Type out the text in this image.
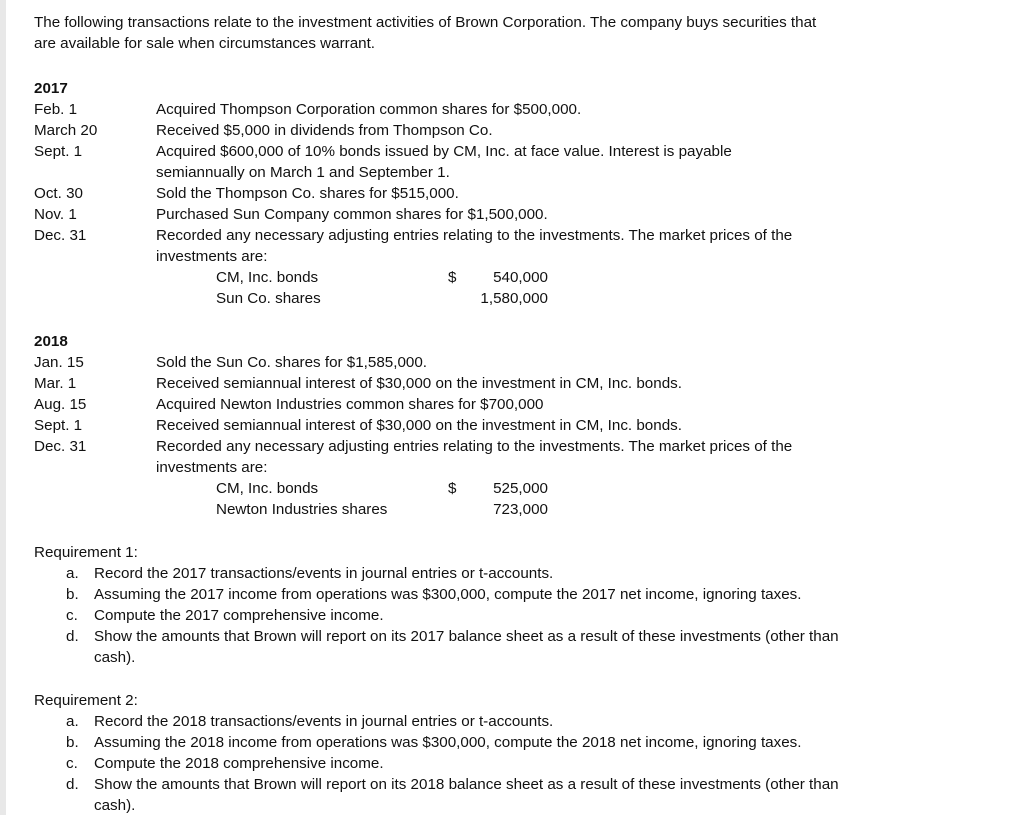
The following transactions relate to the investment activities of Brown Corporation. The company buys securities that

are available for sale when circumstances warrant.

2017

Feb. 1	Acquired Thompson Corporation common shares for $500,000.
March 20	Received $5,000 in dividends from Thompson Co.
Sept. 1	Acquired $600,000 of 10% bonds issued by CM, Inc. at face value. Interest is payable
semiannually on March 1 and September 1.
Oct. 30	Sold the Thompson Co. shares for $515,000.
Nov. 1	Purchased Sun Company common shares for $1,500,000.
Dec. 31	Recorded any necessary adjusting entries relating to the investments. The market prices of the
investments are:
CM, Inc. bonds	$	540,000
Sun Co. shares	1,580,000

2018

Jan. 15	Sold the Sun Co. shares for $1,585,000.
Mar. 1	Received semiannual interest of $30,000 on the investment in CM, Inc. bonds.
Aug. 15	Acquired Newton Industries common shares for $700,000
Sept. 1	Received semiannual interest of $30,000 on the investment in CM, Inc. bonds.
Dec. 31	Recorded any necessary adjusting entries relating to the investments. The market prices of the
investments are:
CM, Inc. bonds	$	525,000
Newton Industries shares	723,000

Requirement 1:

a.	Record the 2017 transactions/events in journal entries or t-accounts.
b.	Assuming the 2017 income from operations was $300,000, compute the 2017 net income, ignoring taxes.
c.	Compute the 2017 comprehensive income.
d.	Show the amounts that Brown will report on its 2017 balance sheet as a result of these investments (other than
cash).

Requirement 2:

a.	Record the 2018 transactions/events in journal entries or t-accounts.
b.	Assuming the 2018 income from operations was $300,000, compute the 2018 net income, ignoring taxes.
c.	Compute the 2018 comprehensive income.
d.	Show the amounts that Brown will report on its 2018 balance sheet as a result of these investments (other than
cash).
